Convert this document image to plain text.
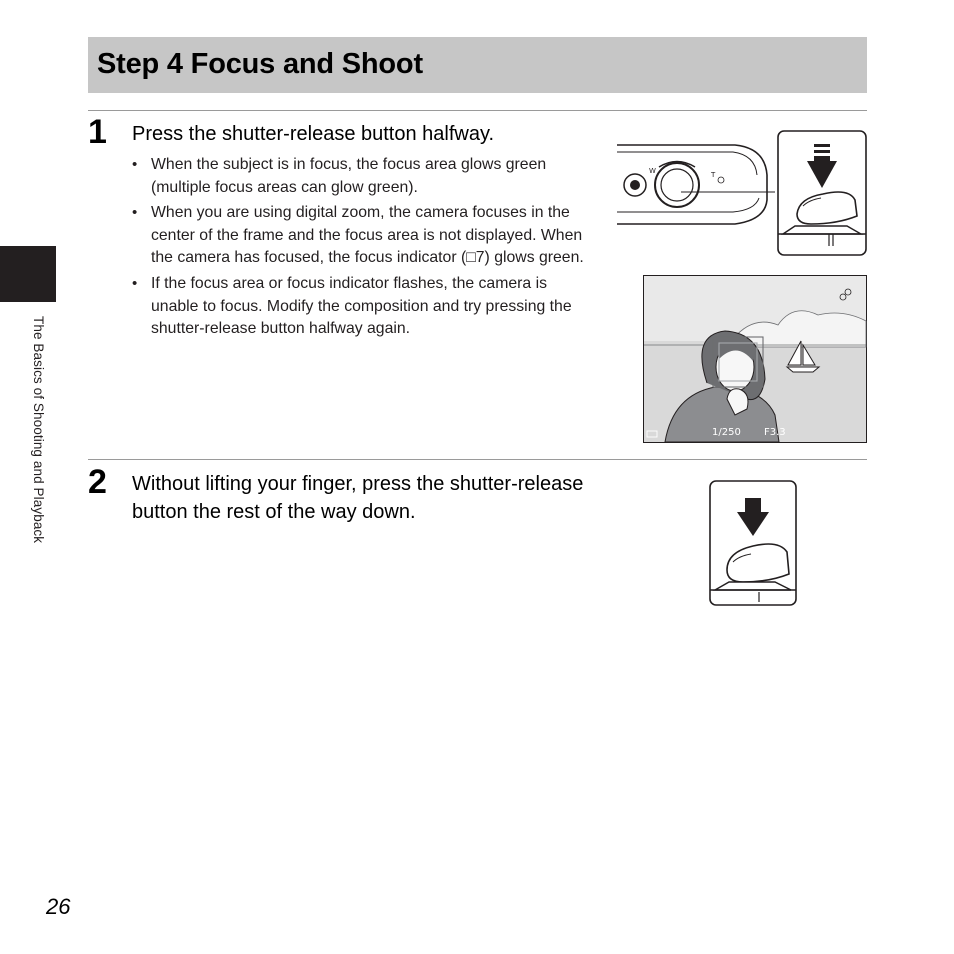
Step 4 Focus and Shoot
The Basics of Shooting and Playback
1 Press the shutter-release button halfway.
• When the subject is in focus, the focus area glows green (multiple focus areas can glow green).
• When you are using digital zoom, the camera focuses in the center of the frame and the focus area is not displayed. When the camera has focused, the focus indicator (□7) glows green.
• If the focus area or focus indicator flashes, the camera is unable to focus. Modify the composition and try pressing the shutter-release button halfway again.
W	T
1/250 F3.3
2 Without lifting your finger, press the shutter-release button the rest of the way down.
26
